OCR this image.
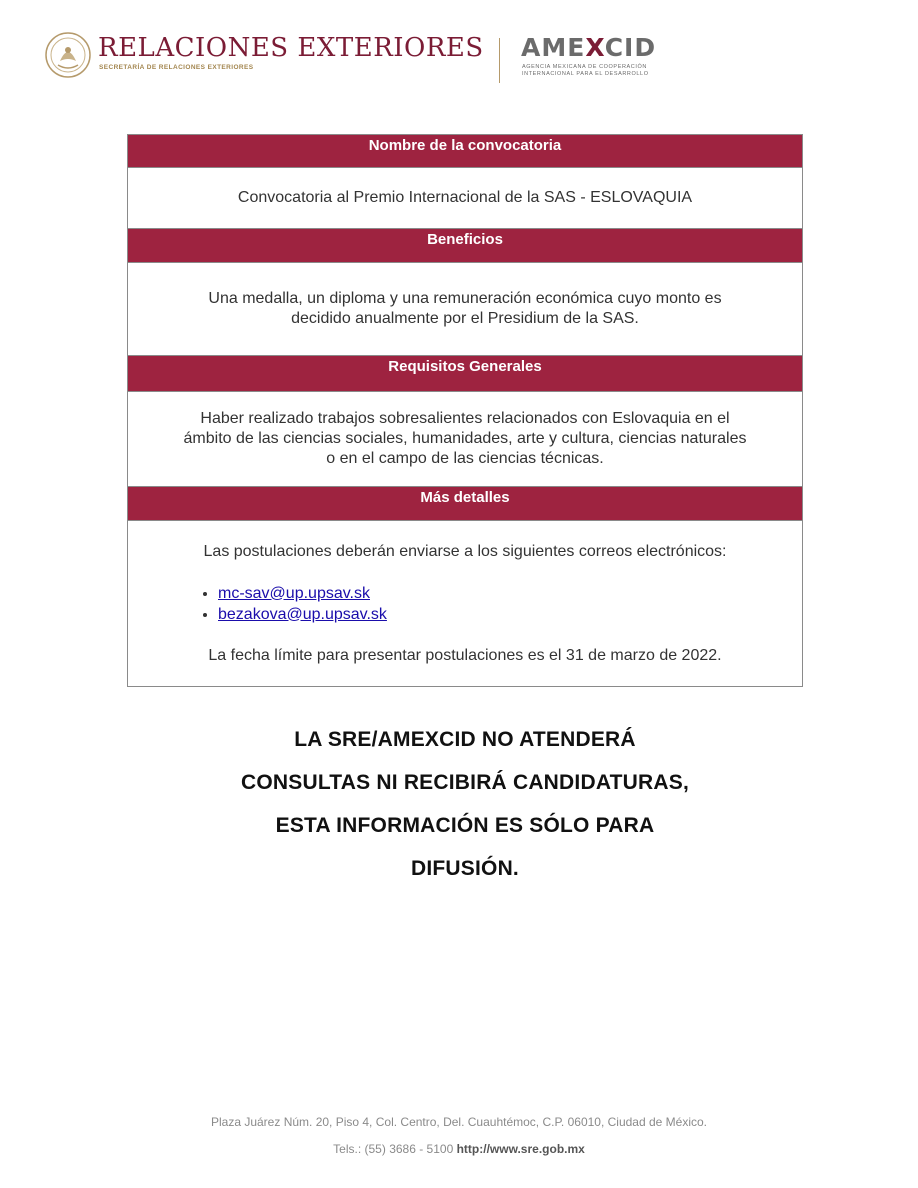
RELACIONES EXTERIORES
SECRETARÍA DE RELACIONES EXTERIORES
AMEXCID
AGENCIA MEXICANA DE COOPERACIÓN
INTERNACIONAL PARA EL DESARROLLO
Nombre de la convocatoria

Convocatoria al Premio Internacional de la SAS - ESLOVAQUIA

Beneficios

Una medalla, un diploma y una remuneración económica cuyo monto es
decidido anualmente por el Presidium de la SAS.

Requisitos Generales

Haber realizado trabajos sobresalientes relacionados con Eslovaquia en el
ámbito de las ciencias sociales, humanidades, arte y cultura, ciencias naturales
o en el campo de las ciencias técnicas.

Más detalles

Las postulaciones deberán enviarse a los siguientes correos electrónicos:
• mc-sav@up.upsav.sk
• bezakova@up.upsav.sk
La fecha límite para presentar postulaciones es el 31 de marzo de 2022.
LA SRE/AMEXCID NO ATENDERÁ
CONSULTAS NI RECIBIRÁ CANDIDATURAS,
ESTA INFORMACIÓN ES SÓLO PARA
DIFUSIÓN.
Plaza Juárez Núm. 20, Piso 4, Col. Centro, Del. Cuauhtémoc, C.P. 06010, Ciudad de México.
Tels.: (55) 3686 - 5100 http://www.sre.gob.mx
